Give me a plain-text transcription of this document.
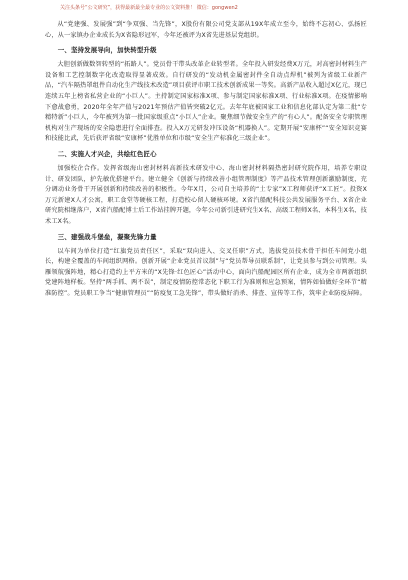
关注头条号“公文研究”，获得最新最全最专业的公文资料推！ 微信：gongwen2

从“党建强、发展强”到“争双强、当先锋”，X股份有限公司党支部从19X年成立至今，始终不忘初心、弘扬匠心，从一家镇办企业成长为X省隐形冠军，今年还被评为X省先进基层党组织。

一、坚持发展导向，加快转型升级

大胆创新做数智转型的“拓路人”。党员骨干带头改革企业转型者。全年投入研发经费X万元，对高密封材料生产设备和工艺控制数字化改造取得显著成效。自行研发的“发动机金属密封件全自动点焊机”被列为省级工业新产品，“汽车隔热罩组件自动化生产线技术改造”项目获评市职工技术创新成果一等奖。高新产品收入超过X亿元，现已连续五年上榜省私营企业的“小巨人”。主持制定国家标准X项、参与制定国家标准X项、行业标准X项。在疫情影响下愈战愈勇，2020年全年产值与2021年预估产值皆突破2亿元。去年年底被国家工业和信息化部认定为第二批“专精特新”小巨人，今年被列为第一批国家级重点“小巨人”企业。聚焦细节做安全生产的“有心人”。配备安全专职管理机构对生产现场的安全隐患进行全面排查。投入X万元研发冲压设备“机器换人”。定期开展“安康杯”“安全知识竞赛和技能比武，先后获评省级“安康杯”优胜单位和市级“安全生产标准化三级企业”。

二、实施人才兴企，共绘红色匠心

加强校企合作。发挥省级海山密封材料高新技术研发中心、海山密封材料隔热密封研究院作用，培养专职设计、研发团队，护先敏优搭建平台。建立健全《创新与持续改善小组管理制度》等产品技术管理创新激励制度，充分调动业务骨干开展创新和持续改善的积极性。今年X月，公司自主培养的“土专家”X工程师获评“X工匠”。投资X万元新建X人才公寓，职工食堂等硬核工程，打造校心留人硬核环境。X省汽船配科技公共发展服务平台、X省企业研究院相继落户，X省汽船配博士后工作站挂牌开题，今年公司新引进研究生X名、高级工程师X名、本科生X名、技术工X名。

三、建强战斗堡垒，凝聚先锋力量

以车间为单位打造“红旗党员责任区”，采取“双向进入、交叉任职”方式，选拔党员技术骨干担任车间党小组长，构建全覆盖的车间组织网格。创新开展“企业党员首议制”与“党员帮导员联系制”，让党员参与到公司管理。头雁领航强阵地，精心打造约上平方米的“X先锋·红色匠心”活动中心，面向汽船配园区所有企业，成为全市两新组织党建阵地样板。坚持“两手抓、两不误”，制定疫情防控常态化下职工行为准则和应急预案，情阵如仙做好全环节“精准防控”。党员职工争当“健康管理员”“防疫复工急先锋”，带头做好消杀、排查、宣传等工作，筑牢企业防疫屏障。
